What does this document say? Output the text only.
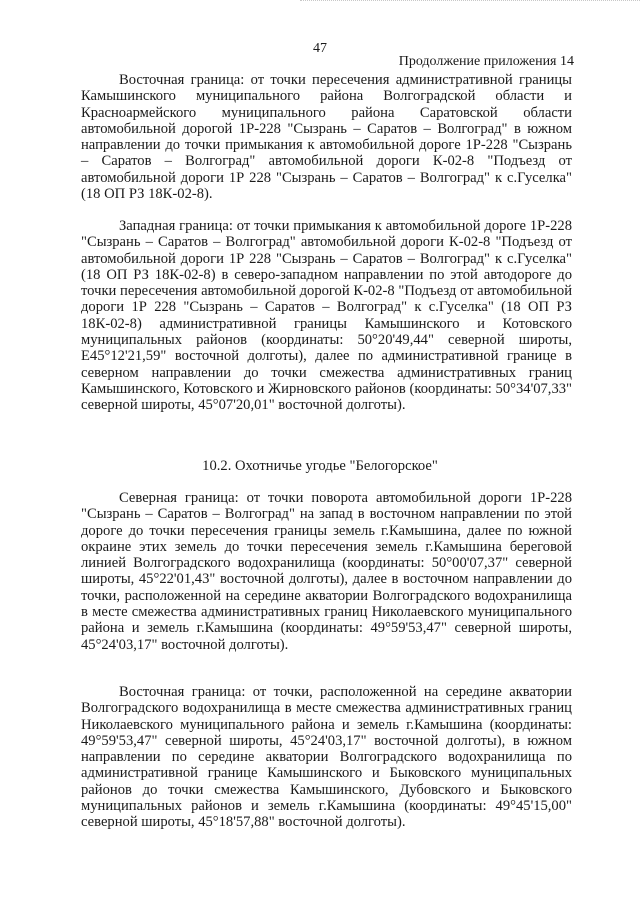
47
Продолжение приложения 14

Восточная граница: от точки пересечения административной границы Камышинского муниципального района Волгоградской области и Красноармейского муниципального района Саратовской области автомобильной дорогой 1Р-228 "Сызрань – Саратов – Волгоград" в южном направлении до точки примыкания к автомобильной дороге 1Р-228 "Сызрань – Саратов – Волгоград" автомобильной дороги К-02-8 "Подъезд от автомобильной дороги 1Р 228 "Сызрань – Саратов – Волгоград" к с.Гуселка" (18 ОП РЗ 18К-02-8).

Западная граница: от точки примыкания к автомобильной дороге 1Р-228 "Сызрань – Саратов – Волгоград" автомобильной дороги К-02-8 "Подъезд от автомобильной дороги 1Р 228 "Сызрань – Саратов – Волгоград" к с.Гуселка" (18 ОП РЗ 18К-02-8) в северо-западном направлении по этой автодороге до точки пересечения автомобильной дорогой К-02-8 "Подъезд от автомобильной дороги 1Р 228 "Сызрань – Саратов – Волгоград" к с.Гуселка" (18 ОП РЗ 18К-02-8) административной границы Камышинского и Котовского муниципальных районов (координаты: 50°20'49,44" северной широты, Е45°12'21,59" восточной долготы), далее по административной границе в северном направлении до точки смежества административных границ Камышинского, Котовского и Жирновского районов (координаты: 50°34'07,33" северной широты, 45°07'20,01" восточной долготы).

10.2. Охотничье угодье "Белогорское"

Северная граница: от точки поворота автомобильной дороги 1Р-228 "Сызрань – Саратов – Волгоград" на запад в восточном направлении по этой дороге до точки пересечения границы земель г.Камышина, далее по южной окраине этих земель до точки пересечения земель г.Камышина береговой линией Волгоградского водохранилища (координаты: 50°00'07,37" северной широты, 45°22'01,43" восточной долготы), далее в восточном направлении до точки, расположенной на середине акватории Волгоградского водохранилища в месте смежества административных границ Николаевского муниципального района и земель г.Камышина (координаты: 49°59'53,47" северной широты, 45°24'03,17" восточной долготы).

Восточная граница: от точки, расположенной на середине акватории Волгоградского водохранилища в месте смежества административных границ Николаевского муниципального района и земель г.Камышина (координаты: 49°59'53,47" северной широты, 45°24'03,17" восточной долготы), в южном направлении по середине акватории Волгоградского водохранилища по административной границе Камышинского и Быковского муниципальных районов до точки смежества Камышинского, Дубовского и Быковского муниципальных районов и земель г.Камышина (координаты: 49°45'15,00" северной широты, 45°18'57,88" восточной долготы).
